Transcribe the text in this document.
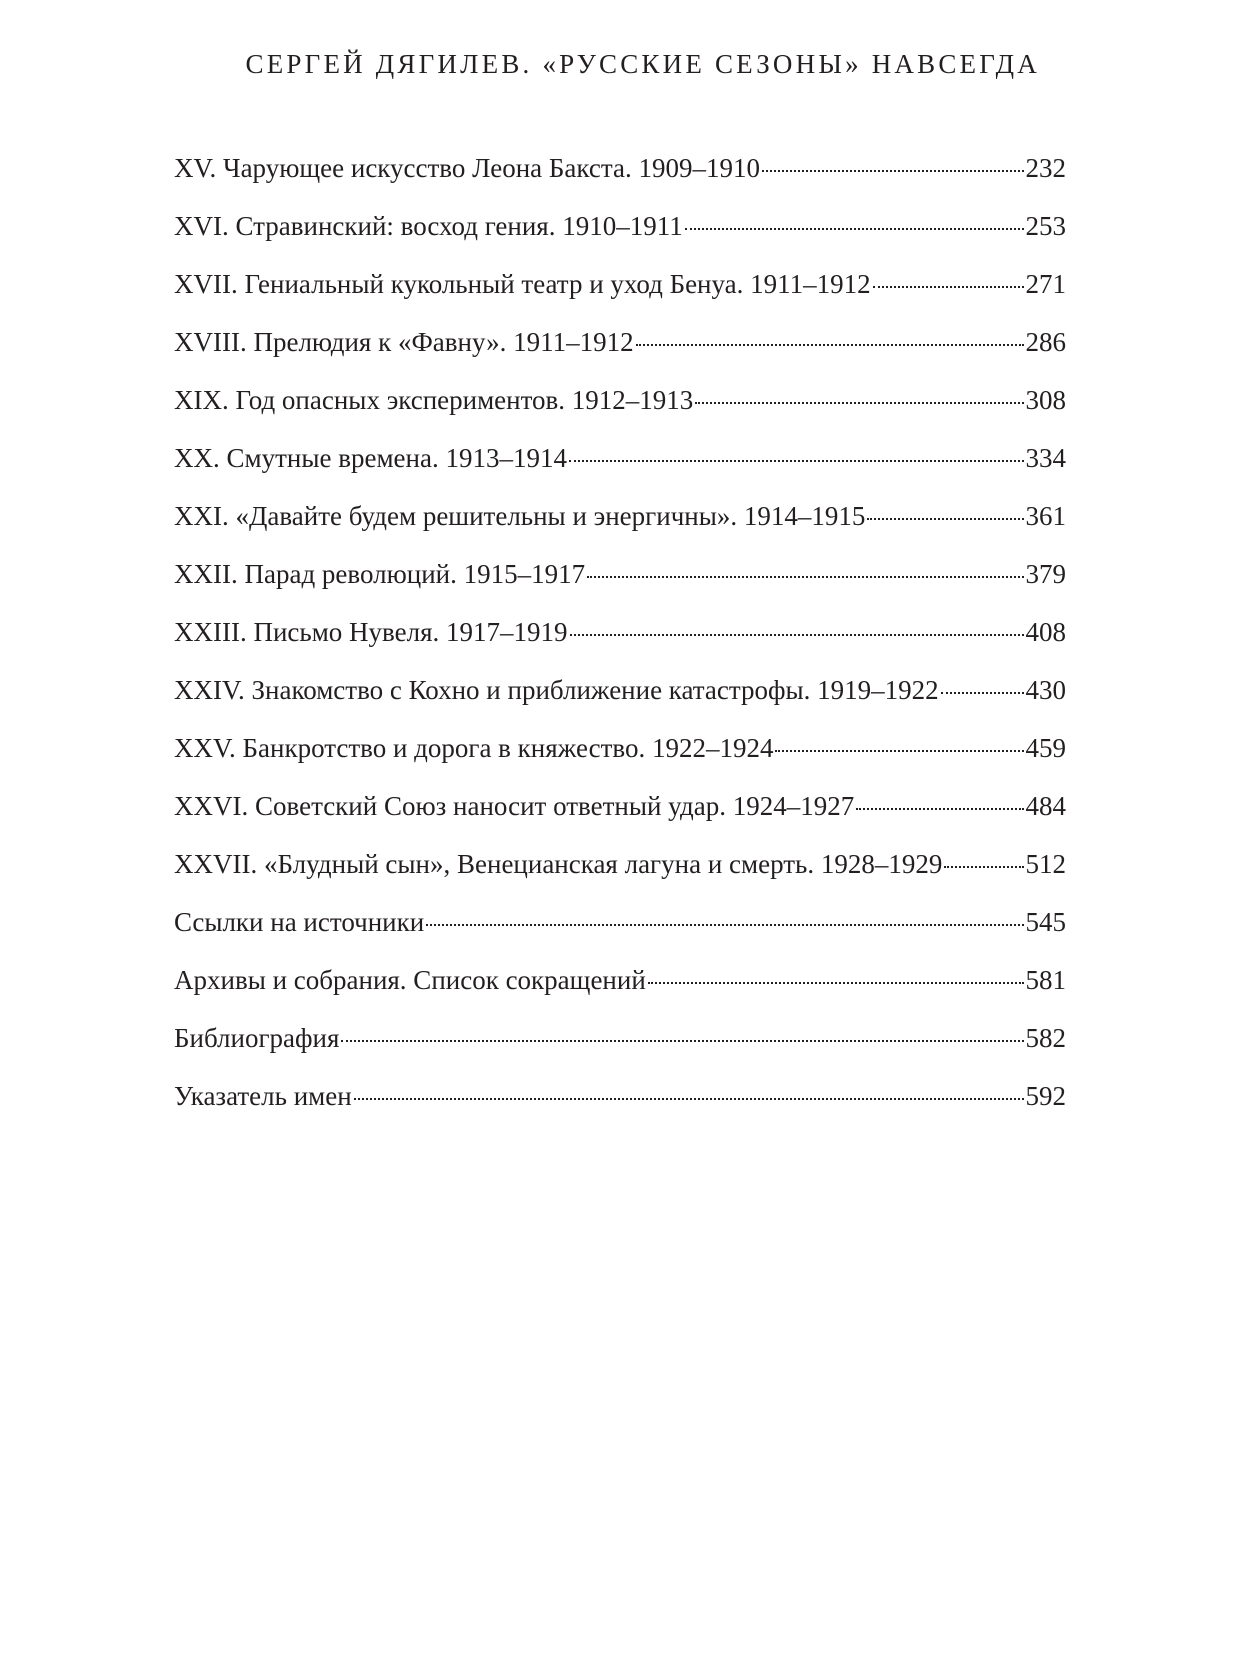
СЕРГЕЙ ДЯГИЛЕВ. «РУССКИЕ СЕЗОНЫ» НАВСЕГДА
XV. Чарующее искусство Леона Бакста. 1909–1910	232
XVI. Стравинский: восход гения. 1910–1911	253
XVII. Гениальный кукольный театр и уход Бенуа. 1911–1912	271
XVIII. Прелюдия к «Фавну». 1911–1912	286
XIX. Год опасных экспериментов. 1912–1913	308
XX. Смутные времена. 1913–1914	334
XXI. «Давайте будем решительны и энергичны». 1914–1915	361
XXII. Парад революций. 1915–1917	379
XXIII. Письмо Нувеля. 1917–1919	408
XXIV. Знакомство с Кохно и приближение катастрофы. 1919–1922	430
XXV. Банкротство и дорога в княжество. 1922–1924	459
XXVI. Советский Союз наносит ответный удар. 1924–1927	484
XXVII. «Блудный сын», Венецианская лагуна и смерть. 1928–1929	512
Ссылки на источники	545
Архивы и собрания. Список сокращений	581
Библиография	582
Указатель имен	592
